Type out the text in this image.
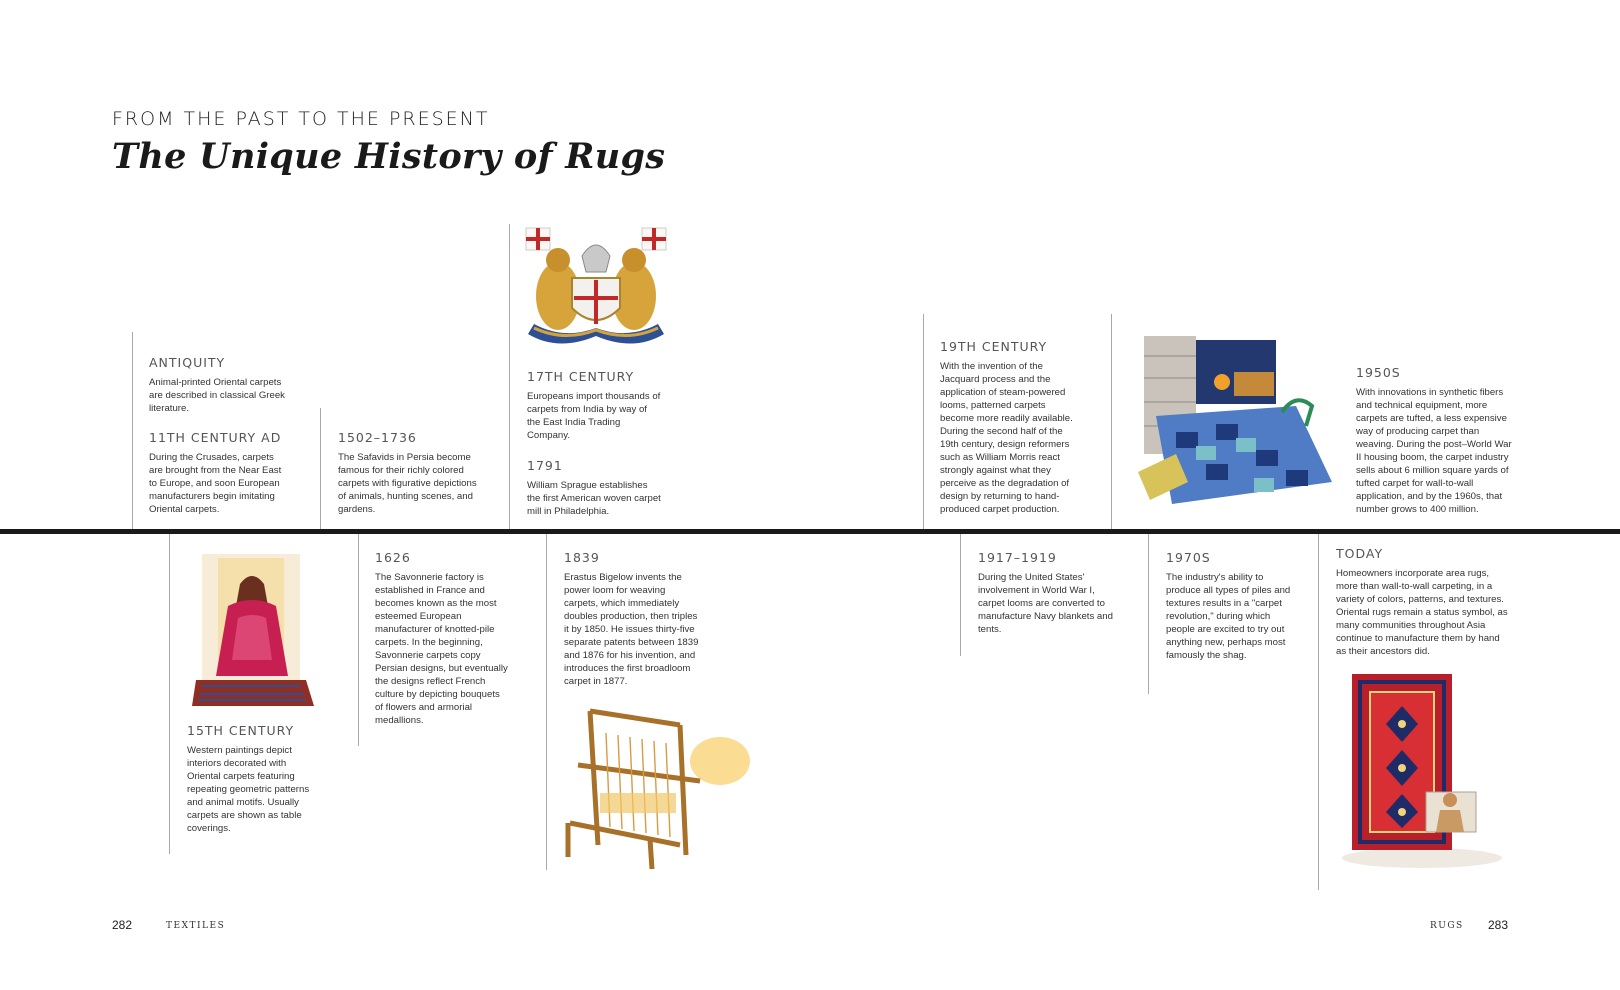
FROM THE PAST TO THE PRESENT
The Unique History of Rugs
ANTIQUITY
Animal-printed Oriental carpets are described in classical Greek literature.
11TH CENTURY AD
During the Crusades, carpets are brought from the Near East to Europe, and soon European manufacturers begin imitating Oriental carpets.
1502–1736
The Safavids in Persia become famous for their richly colored carpets with figurative depictions of animals, hunting scenes, and gardens.
17TH CENTURY
Europeans import thousands of carpets from India by way of the East India Trading Company.
1791
William Sprague establishes the first American woven carpet mill in Philadelphia.
19TH CENTURY
With the invention of the Jacquard process and the application of steam-powered looms, patterned carpets become more readily available. During the second half of the 19th century, design reformers such as William Morris react strongly against what they perceive as the degradation of design by returning to hand-produced carpet production.
1950S
With innovations in synthetic fibers and technical equipment, more carpets are tufted, a less expensive way of producing carpet than weaving. During the post–World War II housing boom, the carpet industry sells about 6 million square yards of tufted carpet for wall-to-wall application, and by the 1960s, that number grows to 400 million.
15TH CENTURY
Western paintings depict interiors decorated with Oriental carpets featuring repeating geometric patterns and animal motifs. Usually carpets are shown as table coverings.
1626
The Savonnerie factory is established in France and becomes known as the most esteemed European manufacturer of knotted-pile carpets. In the beginning, Savonnerie carpets copy Persian designs, but eventually the designs reflect French culture by depicting bouquets of flowers and armorial medallions.
1839
Erastus Bigelow invents the power loom for weaving carpets, which immediately doubles production, then triples it by 1850. He issues thirty-five separate patents between 1839 and 1876 for his invention, and introduces the first broadloom carpet in 1877.
1917–1919
During the United States' involvement in World War I, carpet looms are converted to manufacture Navy blankets and tents.
1970S
The industry's ability to produce all types of piles and textures results in a "carpet revolution," during which people are excited to try out anything new, perhaps most famously the shag.
TODAY
Homeowners incorporate area rugs, more than wall-to-wall carpeting, in a variety of colors, patterns, and textures. Oriental rugs remain a status symbol, as many communities throughout Asia continue to manufacture them by hand as their ancestors did.
282	TEXTILES	RUGS 283
